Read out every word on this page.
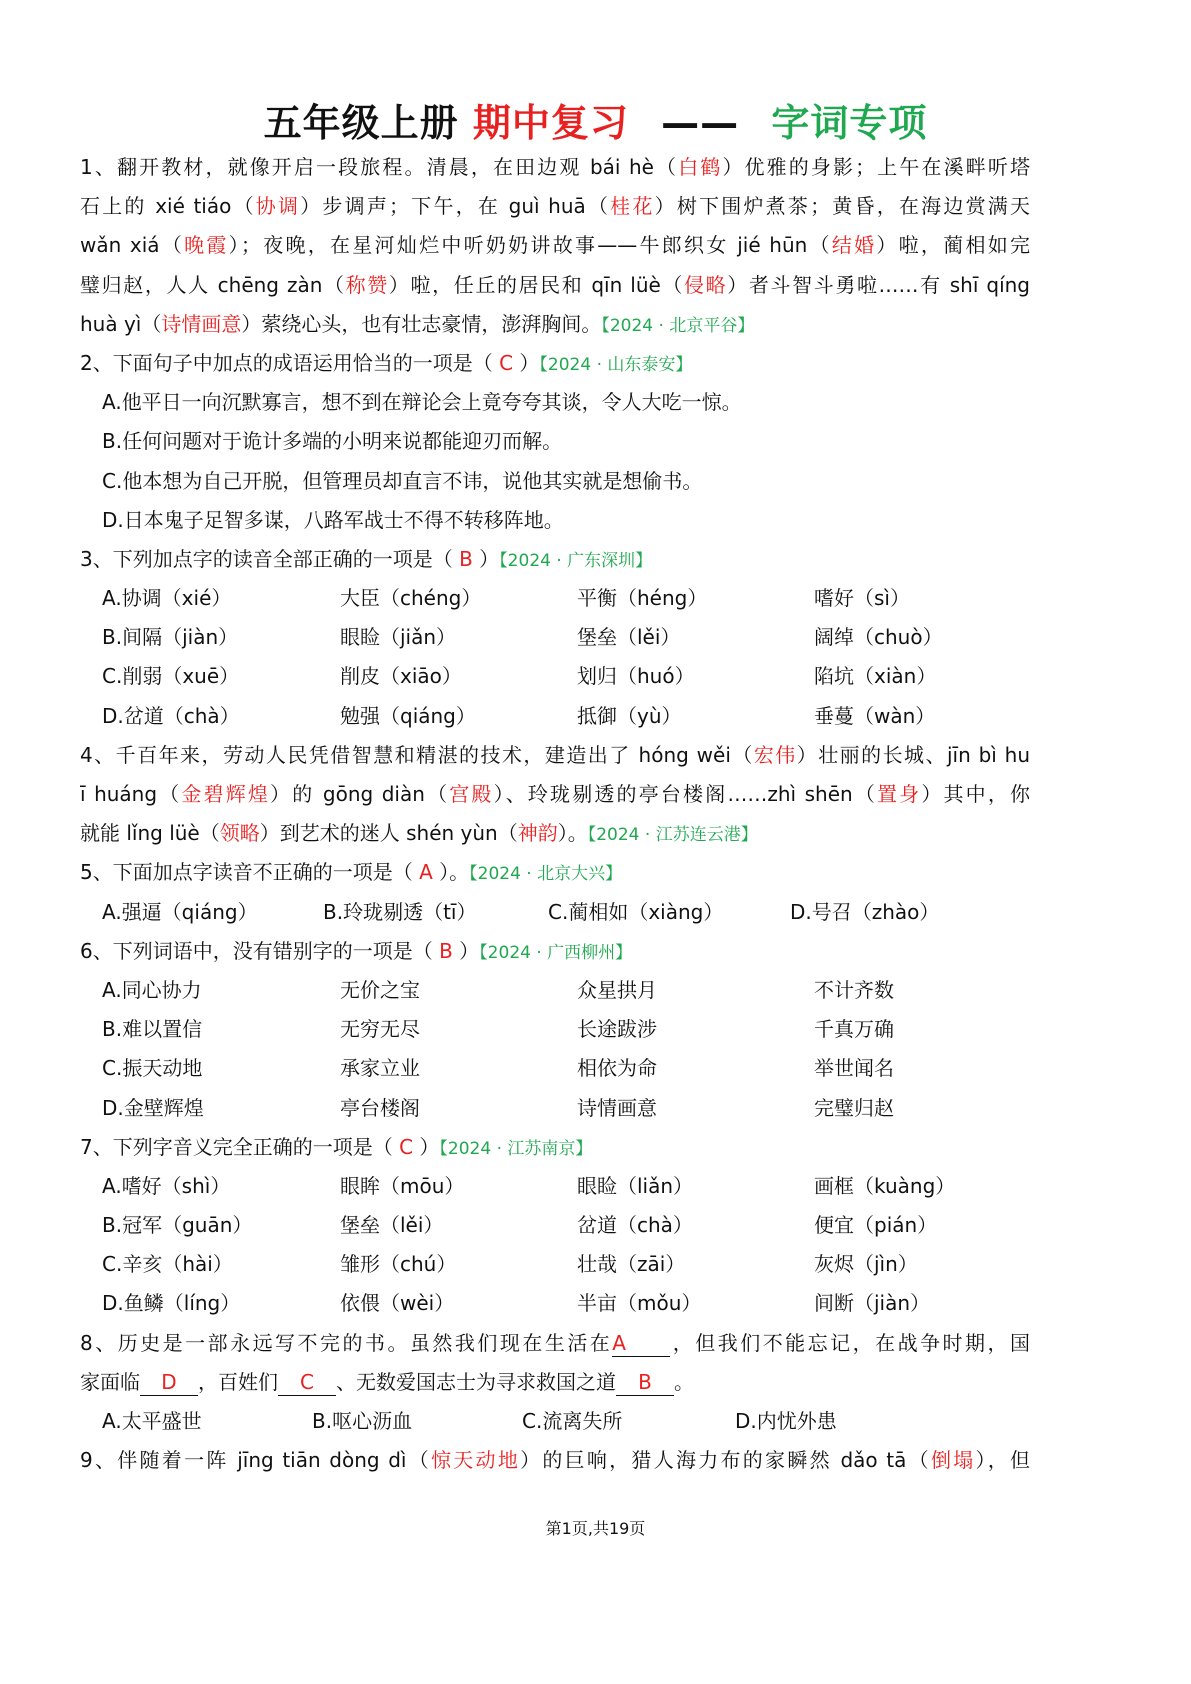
五年级上册 期中复习 —— 字词专项
1、翻开教材，就像开启一段旅程。清晨，在田边观 bái hè（白鹤）优雅的身影；上午在溪畔听塔
石上的 xié tiáo（协调）步调声；下午，在 guì huā（桂花）树下围炉煮茶；黄昏，在海边赏满天
wǎn xiá（晚霞）；夜晚，在星河灿烂中听奶奶讲故事——牛郎织女 jié hūn（结婚）啦，蔺相如完
璧归赵，人人 chēng zàn（称赞）啦，任丘的居民和 qīn lüè（侵略）者斗智斗勇啦……有 shī qíng
huà yì（诗情画意）萦绕心头，也有壮志豪情，澎湃胸间。【2024 · 北京平谷】
2、下面句子中加点的成语运用恰当的一项是（ C ）【2024 · 山东泰安】
A.他平日一向沉默寡言，想不到在辩论会上竟夸夸其谈，令人大吃一惊。
B.任何问题对于诡计多端的小明来说都能迎刃而解。
C.他本想为自己开脱，但管理员却直言不讳，说他其实就是想偷书。
D.日本鬼子足智多谋，八路军战士不得不转移阵地。
3、下列加点字的读音全部正确的一项是（ B ）【2024 · 广东深圳】
A.协调（xié）	大臣（chéng）	平衡（héng）	嗜好（sì）
B.间隔（jiàn）	眼睑（jiǎn）	堡垒（lěi）	阔绰（chuò）
C.削弱（xuē）	削皮（xiāo）	划归（huó）	陷坑（xiàn）
D.岔道（chà）	勉强（qiáng）	抵御（yù）	垂蔓（wàn）
4、千百年来，劳动人民凭借智慧和精湛的技术，建造出了 hóng wěi（宏伟）壮丽的长城、jīn bì hu
ī huáng（金碧辉煌）的 gōng diàn（宫殿）、玲珑剔透的亭台楼阁……zhì shēn（置身）其中，你
就能 lǐng lüè（领略）到艺术的迷人 shén yùn（神韵）。【2024 · 江苏连云港】
5、下面加点字读音不正确的一项是（ A ）。【2024 · 北京大兴】
A.强逼（qiáng）	B.玲珑剔透（tī）	C.蔺相如（xiàng）	D.号召（zhào）
6、下列词语中，没有错别字的一项是（ B ）【2024 · 广西柳州】
A.同心协力	无价之宝	众星拱月	不计齐数
B.难以置信	无穷无尽	长途跋涉	千真万确
C.振天动地	承家立业	相依为命	举世闻名
D.金壁辉煌	亭台楼阁	诗情画意	完璧归赵
7、下列字音义完全正确的一项是（ C ）【2024 · 江苏南京】
A.嗜好（shì）	眼眸（mōu）	眼睑（liǎn）	画框（kuàng）
B.冠军（guān）	堡垒（lěi）	岔道（chà）	便宜（pián）
C.辛亥（hài）	雏形（chú）	壮哉（zāi）	灰烬（jìn）
D.鱼鳞（líng）	依偎（wèi）	半亩（mǒu）	间断（jiàn）
8、历史是一部永远写不完的书。虽然我们现在生活在A ，但我们不能忘记，在战争时期，国
家面临 D ，百姓们 C 、无数爱国志士为寻求救国之道 B 。
A.太平盛世	B.呕心沥血	C.流离失所	D.内忧外患
9、伴随着一阵 jīng tiān dòng dì（惊天动地）的巨响，猎人海力布的家瞬然 dǎo tā（倒塌），但
第1页,共19页
